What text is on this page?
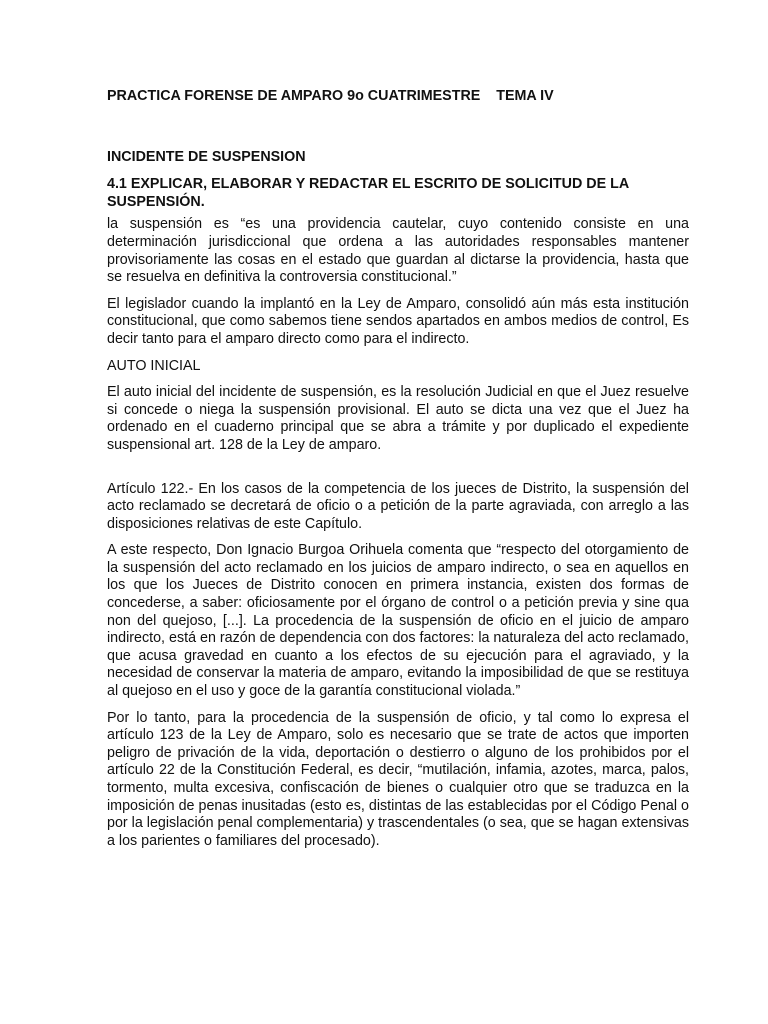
PRACTICA FORENSE DE AMPARO 9o CUATRIMESTRE    TEMA IV

INCIDENTE DE SUSPENSION

4.1 EXPLICAR, ELABORAR Y REDACTAR EL ESCRITO DE SOLICITUD DE LA SUSPENSIÓN.

la suspensión es “es una providencia cautelar, cuyo contenido consiste en una determinación jurisdiccional que ordena a las autoridades responsables mantener provisoriamente las cosas en el estado que guardan al dictarse la providencia, hasta que se resuelva en definitiva la controversia constitucional.”

El legislador cuando la implantó en la Ley de Amparo, consolidó aún más esta institución constitucional, que como sabemos tiene sendos apartados en ambos medios de control, Es decir tanto para el amparo directo como para el indirecto.

AUTO INICIAL

El auto inicial del incidente de suspensión, es la resolución Judicial en que el Juez resuelve si concede o niega la suspensión provisional. El auto se dicta una vez que el Juez ha ordenado en el cuaderno principal que se abra a trámite y por duplicado el expediente suspensional art. 128 de la Ley de amparo.

Artículo 122.- En los casos de la competencia de los jueces de Distrito, la suspensión del acto reclamado se decretará de oficio o a petición de la parte agraviada, con arreglo a las disposiciones relativas de este Capítulo.

A este respecto, Don Ignacio Burgoa Orihuela comenta que “respecto del otorgamiento de la suspensión del acto reclamado en los juicios de amparo indirecto, o sea en aquellos en los que los Jueces de Distrito conocen en primera instancia, existen dos formas de concederse, a saber: oficiosamente por el órgano de control o a petición previa y sine qua non del quejoso, [...]. La procedencia de la suspensión de oficio en el juicio de amparo indirecto, está en razón de dependencia con dos factores: la naturaleza del acto reclamado, que acusa gravedad en cuanto a los efectos de su ejecución para el agraviado, y la necesidad de conservar la materia de amparo, evitando la imposibilidad de que se restituya al quejoso en el uso y goce de la garantía constitucional violada.”

Por lo tanto, para la procedencia de la suspensión de oficio, y tal como lo expresa el artículo 123 de la Ley de Amparo, solo es necesario que se trate de actos que importen peligro de privación de la vida, deportación o destierro o alguno de los prohibidos por el artículo 22 de la Constitución Federal, es decir, “mutilación, infamia, azotes, marca, palos, tormento, multa excesiva, confiscación de bienes o cualquier otro que se traduzca en la imposición de penas inusitadas (esto es, distintas de las establecidas por el Código Penal o por la legislación penal complementaria) y trascendentales (o sea, que se hagan extensivas a los parientes o familiares del procesado).
